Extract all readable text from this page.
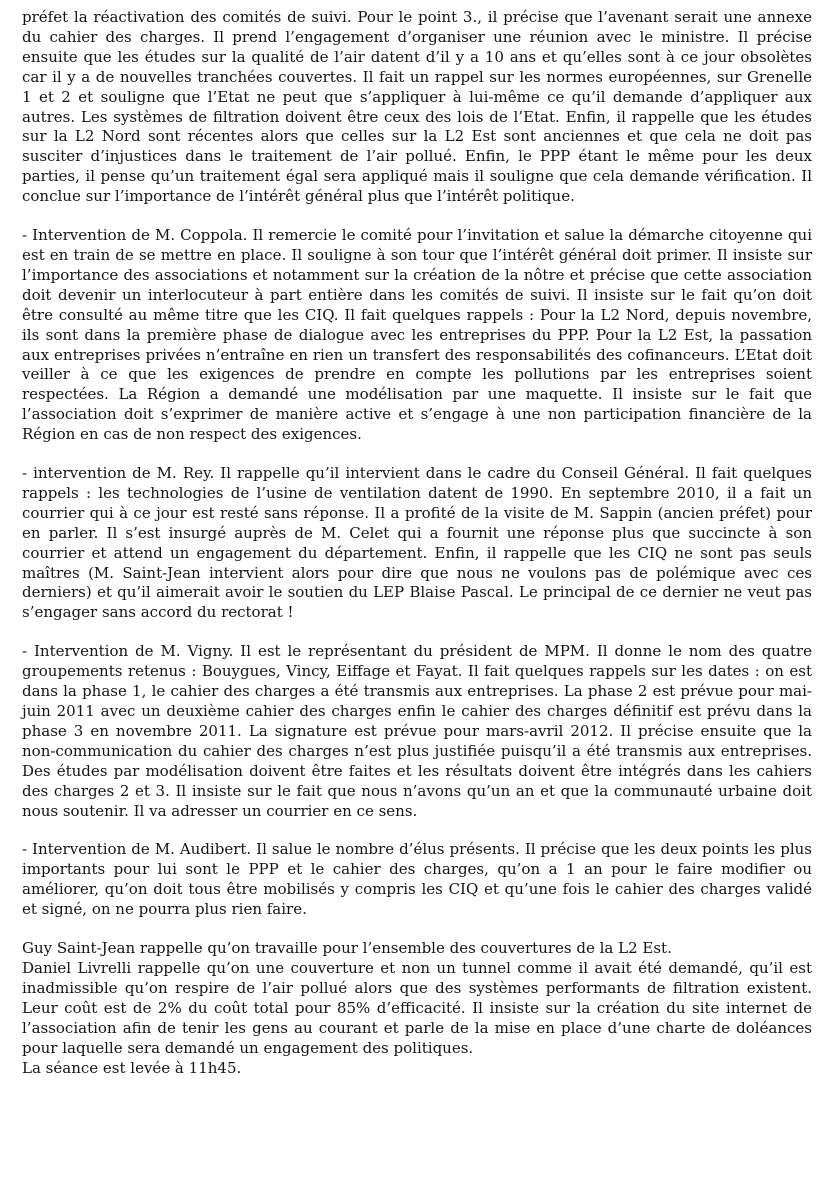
préfet la réactivation des comités de suivi. Pour le point 3., il précise que l’avenant serait une annexe du cahier des charges. Il prend l’engagement d’organiser une réunion avec le ministre. Il précise ensuite que les études sur la qualité de l’air datent d’il y a 10 ans et qu’elles sont à ce jour obsolètes car il y a de nouvelles tranchées couvertes. Il fait un rappel sur les normes européennes, sur Grenelle 1 et 2 et souligne que l’Etat ne peut que s’appliquer à lui-même ce qu’il demande d’appliquer aux autres. Les systèmes de filtration doivent être ceux des lois de l’Etat. Enfin, il rappelle que les études sur la L2 Nord sont récentes alors que celles sur la L2 Est sont anciennes et que cela ne doit pas susciter d’injustices dans le traitement de l’air pollué. Enfin, le PPP étant le même pour les deux parties, il pense qu’un traitement égal sera appliqué mais il souligne que cela demande vérification. Il conclue sur l’importance de l’intérêt général plus que l’intérêt politique.

- Intervention de M. Coppola. Il remercie le comité pour l’invitation et salue la démarche citoyenne qui est en train de se mettre en place. Il souligne à son tour que l’intérêt général doit primer. Il insiste sur l’importance des associations et notamment sur la création de la nôtre et précise que cette association doit devenir un interlocuteur à part entière dans les comités de suivi. Il insiste sur le fait qu’on doit être consulté au même titre que les CIQ. Il fait quelques rappels : Pour la L2 Nord, depuis novembre, ils sont dans la première phase de dialogue avec les entreprises du PPP. Pour la L2 Est, la passation aux entreprises privées n’entraîne en rien un transfert des responsabilités des cofinanceurs. L’Etat doit veiller à ce que les exigences de prendre en compte les pollutions par les entreprises soient respectées. La Région a demandé une modélisation par une maquette. Il insiste sur le fait que l’association doit s’exprimer de manière active et s’engage à une non participation financière de la Région en cas de non respect des exigences.

- intervention de M. Rey. Il rappelle qu’il intervient dans le cadre du Conseil Général. Il fait quelques rappels : les technologies de l’usine de ventilation datent de 1990. En septembre 2010, il a fait un courrier qui à ce jour est resté sans réponse. Il a profité de la visite de M. Sappin (ancien préfet) pour en parler. Il s’est insurgé auprès de M. Celet qui a fournit une réponse plus que succincte à son courrier et attend un engagement du département. Enfin, il rappelle que les CIQ ne sont pas seuls maîtres (M. Saint-Jean intervient alors pour dire que nous ne voulons pas de polémique avec ces derniers) et qu’il aimerait avoir le soutien du LEP Blaise Pascal. Le principal de ce dernier ne veut pas s’engager sans accord du rectorat !

- Intervention de M. Vigny. Il est le représentant du président de MPM. Il donne le nom des quatre groupements retenus : Bouygues, Vincy, Eiffage et Fayat. Il fait quelques rappels sur les dates : on est dans la phase 1, le cahier des charges a été transmis aux entreprises. La phase 2 est prévue pour mai-juin 2011 avec un deuxième cahier des charges enfin le cahier des charges définitif est prévu dans la phase 3 en novembre 2011. La signature est prévue pour mars-avril 2012. Il précise ensuite que la non-communication du cahier des charges n’est plus justifiée puisqu’il a été transmis aux entreprises. Des études par modélisation doivent être faites et les résultats doivent être intégrés dans les cahiers des charges 2 et 3. Il insiste sur le fait que nous n’avons qu’un an et que la communauté urbaine doit nous soutenir. Il va adresser un courrier en ce sens.

- Intervention de M. Audibert. Il salue le nombre d’élus présents. Il précise que les deux points les plus importants pour lui sont le PPP et le cahier des charges, qu’on a 1 an pour le faire modifier ou améliorer, qu’on doit tous être mobilisés y compris les CIQ et qu’une fois le cahier des charges validé et signé, on ne pourra plus rien faire.

Guy Saint-Jean rappelle qu’on travaille pour l’ensemble des couvertures de la L2 Est.

Daniel Livrelli rappelle qu’on une couverture et non un tunnel comme il avait été demandé, qu’il est inadmissible qu’on respire de l’air pollué alors que des systèmes performants de filtration existent. Leur coût est de 2% du coût total pour 85% d’efficacité. Il insiste sur la création du site internet de l’association afin de tenir les gens au courant et parle de la mise en place d’une charte de doléances pour laquelle sera demandé un engagement des politiques.

La séance est levée à 11h45.
